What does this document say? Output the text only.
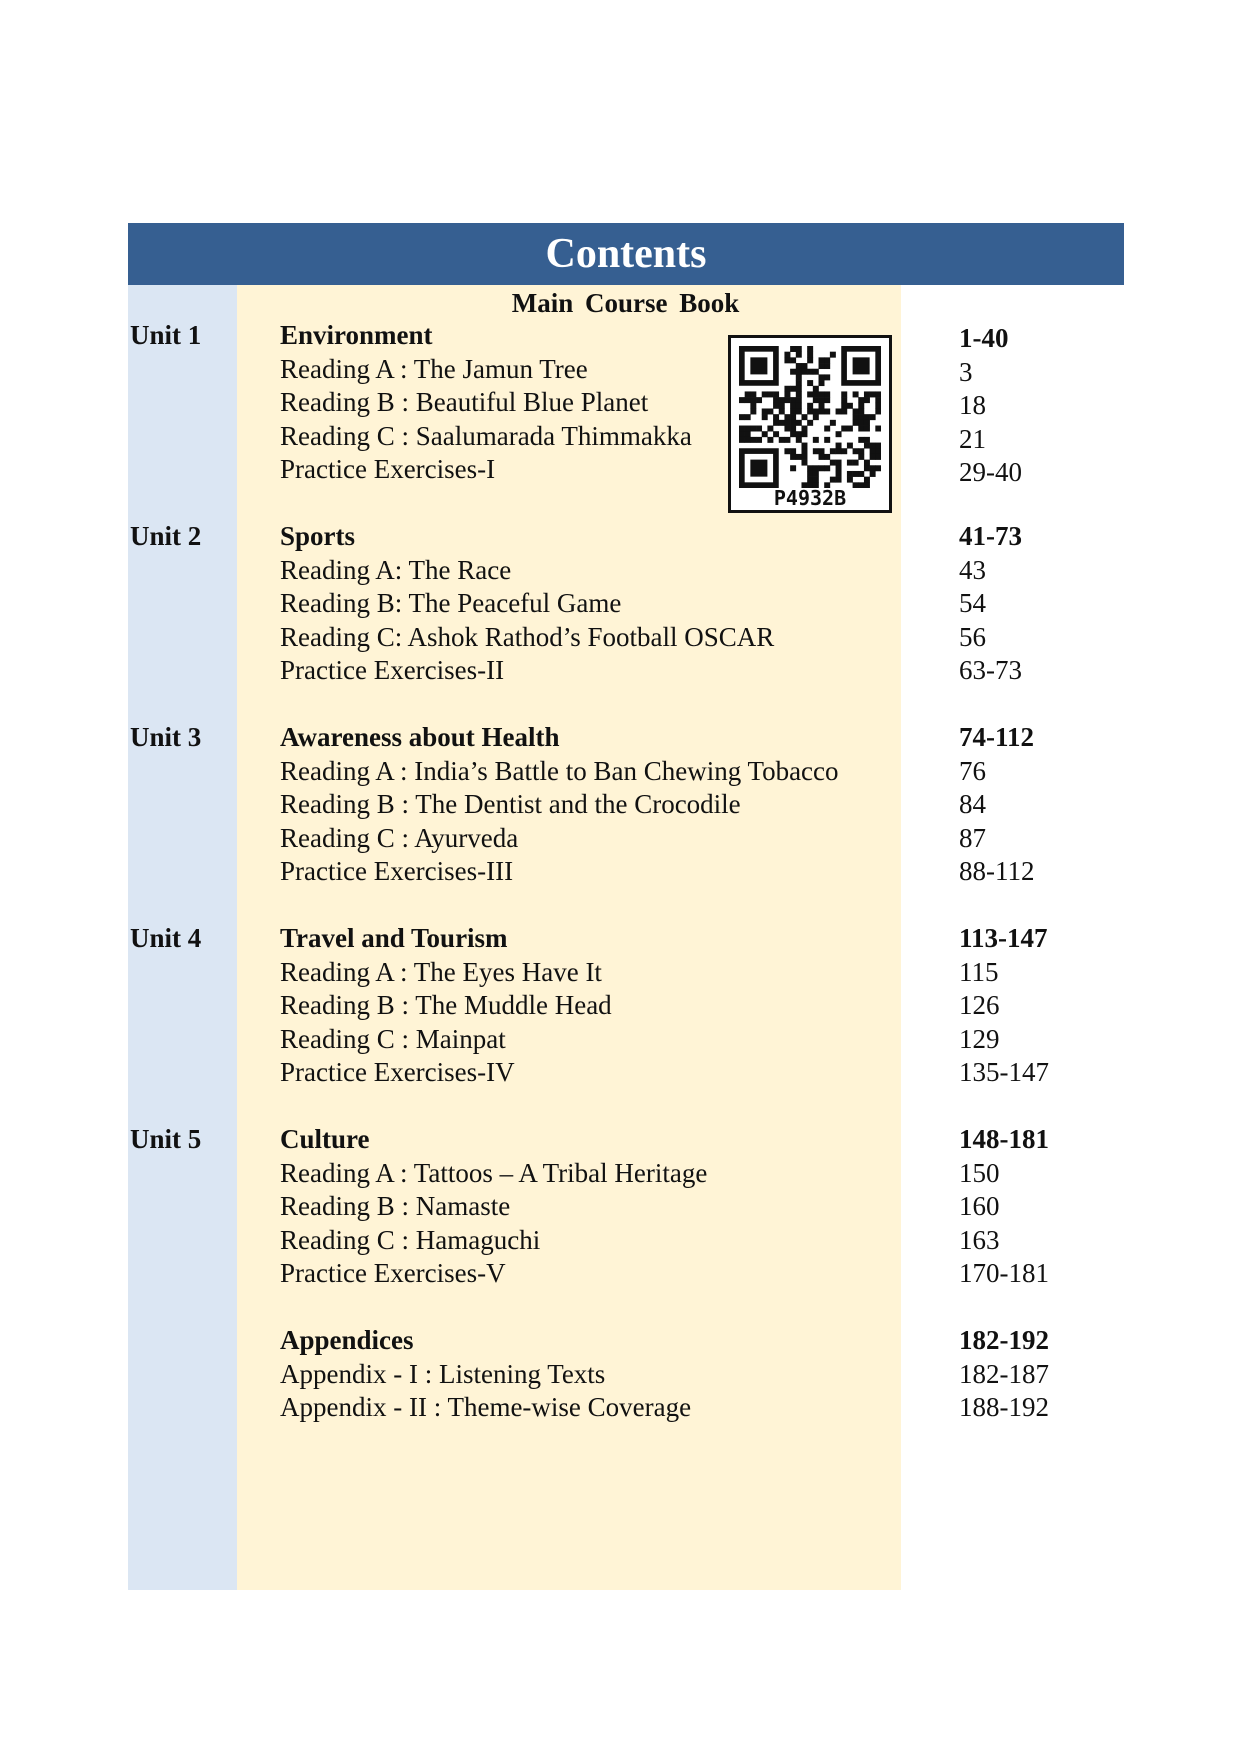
Contents
Main Course Book
P4932B
Unit 1	Environment	1-40
Reading A : The Jamun Tree	3
Reading B : Beautiful Blue Planet	18
Reading C : Saalumarada Thimmakka	21
Practice Exercises-I	29-40
Unit 2	Sports	41-73
Reading A: The Race	43
Reading B: The Peaceful Game	54
Reading C: Ashok Rathod’s Football OSCAR	56
Practice Exercises-II	63-73
Unit 3	Awareness about Health	74-112
Reading A : India’s Battle to Ban Chewing Tobacco	76
Reading B : The Dentist and the Crocodile	84
Reading C : Ayurveda	87
Practice Exercises-III	88-112
Unit 4	Travel and Tourism	113-147
Reading A : The Eyes Have It	115
Reading B : The Muddle Head	126
Reading C : Mainpat	129
Practice Exercises-IV	135-147
Unit 5	Culture	148-181
Reading A : Tattoos – A Tribal Heritage	150
Reading B : Namaste	160
Reading C : Hamaguchi	163
Practice Exercises-V	170-181
Appendices	182-192
Appendix - I : Listening Texts	182-187
Appendix - II : Theme-wise Coverage	188-192
